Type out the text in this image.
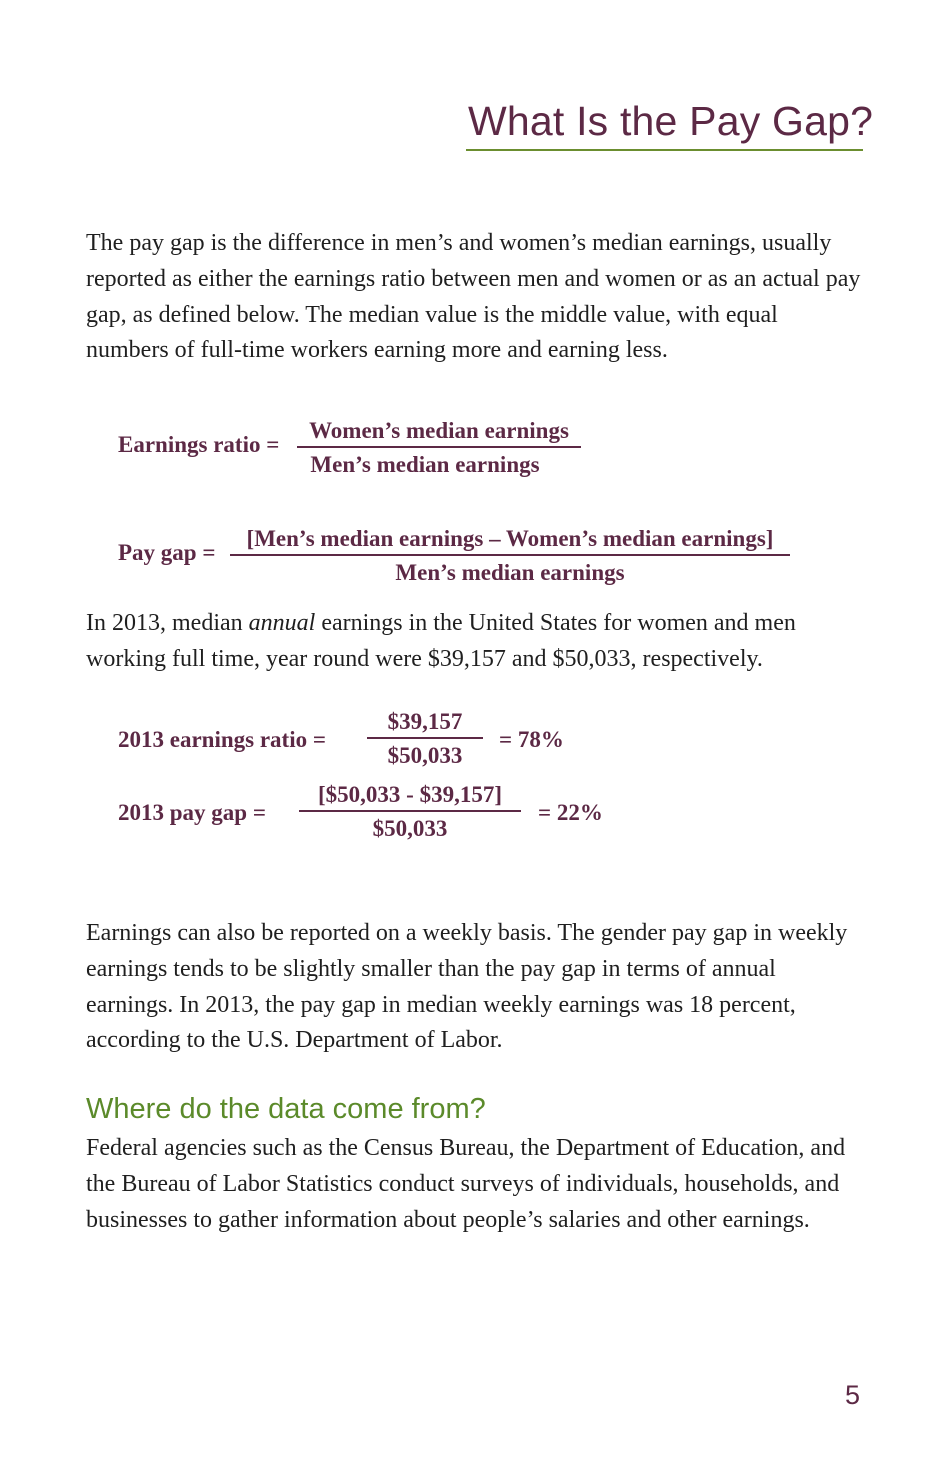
What Is the Pay Gap?

The pay gap is the difference in men’s and women’s median earnings, usually reported as either the earnings ratio between men and women or as an actual pay gap, as defined below. The median value is the middle value, with equal numbers of full-time workers earning more and earning less.

Earnings ratio =
Women’s median earnings
Men’s median earnings
Pay gap =
[Men’s median earnings – Women’s median earnings]
Men’s median earnings

In 2013, median annual earnings in the United States for women and men working full time, year round were $39,157 and $50,033, respectively.

2013 earnings ratio =
$39,157
$50,033
= 78%
2013 pay gap =
[$50,033 - $39,157]
$50,033
= 22%

Earnings can also be reported on a weekly basis. The gender pay gap in weekly earnings tends to be slightly smaller than the pay gap in terms of annual earnings. In 2013, the pay gap in median weekly earnings was 18 percent, according to the U.S. Department of Labor.

Where do the data come from?

Federal agencies such as the Census Bureau, the Department of Education, and the Bureau of Labor Statistics conduct surveys of individuals, households, and businesses to gather information about people’s salaries and other earnings.

5
